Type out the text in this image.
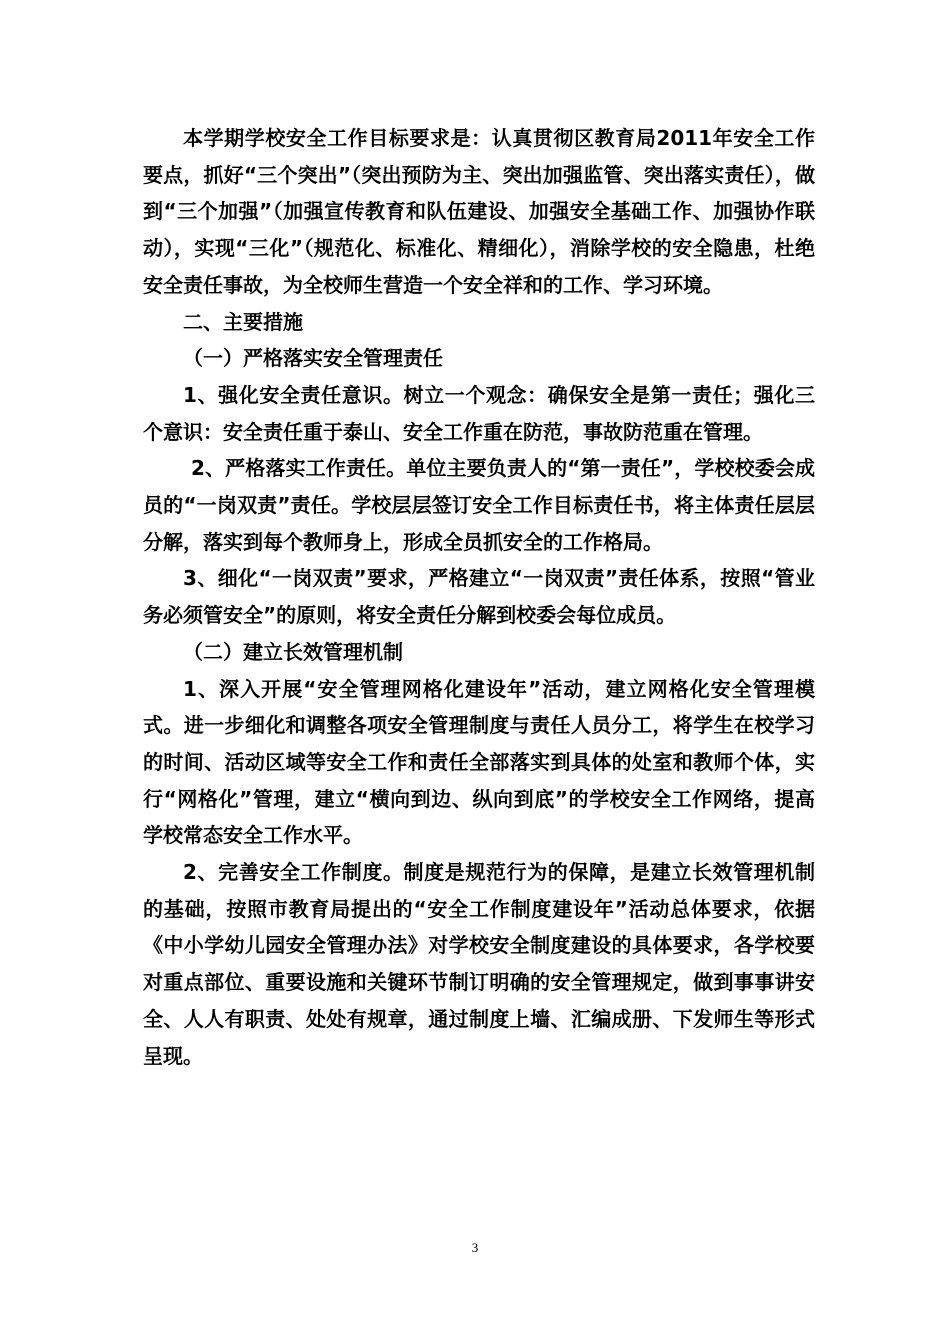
本学期学校安全工作目标要求是：认真贯彻区教育局2011年安全工作要点，抓好“三个突出”（突出预防为主、突出加强监管、突出落实责任），做到“三个加强”（加强宣传教育和队伍建设、加强安全基础工作、加强协作联动），实现“三化”（规范化、标准化、精细化），消除学校的安全隐患，杜绝安全责任事故，为全校师生营造一个安全祥和的工作、学习环境。

二、主要措施

（一）严格落实安全管理责任

1、强化安全责任意识。树立一个观念：确保安全是第一责任；强化三个意识：安全责任重于泰山、安全工作重在防范，事故防范重在管理。

2、严格落实工作责任。单位主要负责人的“第一责任”，学校校委会成员的“一岗双责”责任。学校层层签订安全工作目标责任书，将主体责任层层分解，落实到每个教师身上，形成全员抓安全的工作格局。

3、细化“一岗双责”要求，严格建立“一岗双责”责任体系，按照“管业务必须管安全”的原则，将安全责任分解到校委会每位成员。

（二）建立长效管理机制

1、深入开展“安全管理网格化建设年”活动，建立网格化安全管理模式。进一步细化和调整各项安全管理制度与责任人员分工，将学生在校学习的时间、活动区域等安全工作和责任全部落实到具体的处室和教师个体，实行“网格化”管理，建立“横向到边、纵向到底”的学校安全工作网络，提高学校常态安全工作水平。

2、完善安全工作制度。制度是规范行为的保障，是建立长效管理机制的基础，按照市教育局提出的“安全工作制度建设年”活动总体要求，依据《中小学幼儿园安全管理办法》对学校安全制度建设的具体要求，各学校要对重点部位、重要设施和关键环节制订明确的安全管理规定，做到事事讲安全、人人有职责、处处有规章，通过制度上墙、汇编成册、下发师生等形式呈现。

3
